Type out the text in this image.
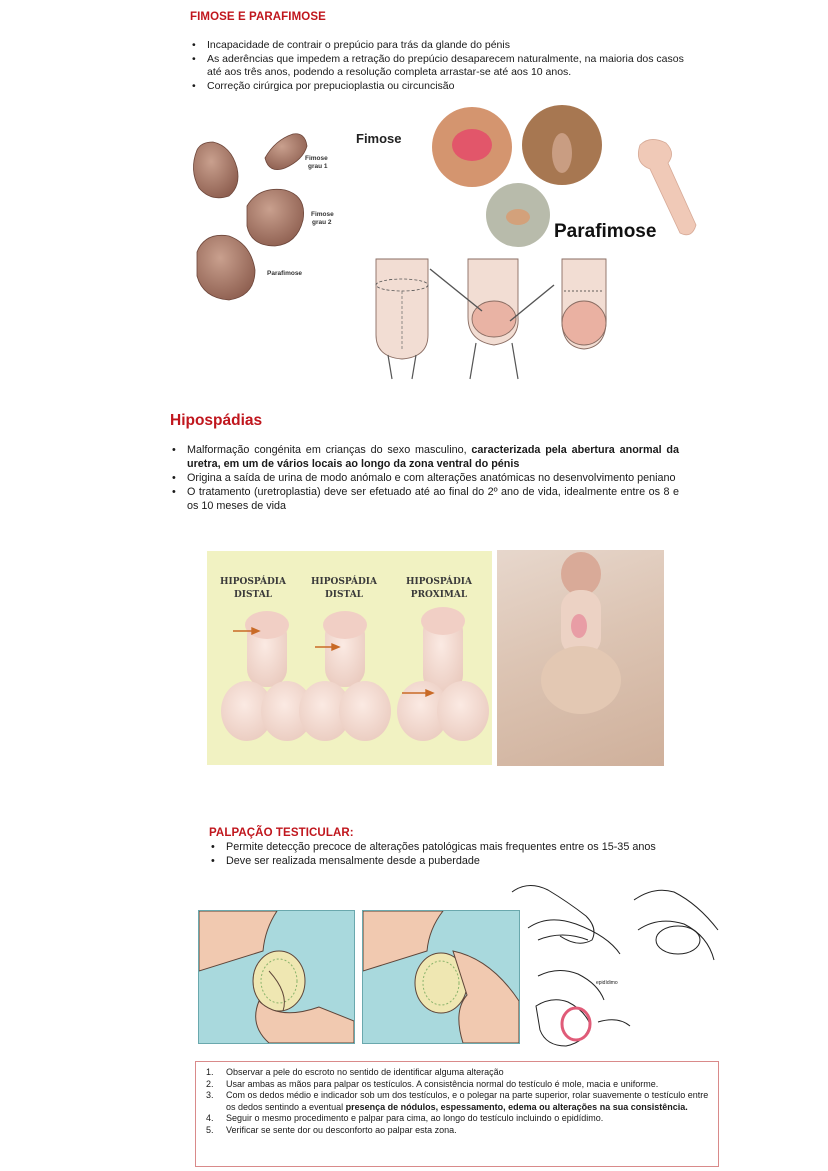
FIMOSE E PARAFIMOSE
• Incapacidade de contrair o prepúcio para trás da glande do pénis
• As aderências que impedem a retração do prepúcio desaparecem naturalmente, na maioria dos casos até aos três anos, podendo a resolução completa arrastar-se até aos 10 anos.
• Correção cirúrgica por prepucioplastia ou circuncisão
Fimose
grau 1
Fimose
grau 2
Parafimose
Fimose
Parafimose
Hipospádias
• Malformação congénita em crianças do sexo masculino, caracterizada pela abertura anormal da uretra, em um de vários locais ao longo da zona ventral do pénis
• Origina a saída de urina de modo anómalo e com alterações anatómicas no desenvolvimento peniano
• O tratamento (uretroplastia) deve ser efetuado até ao final do 2º ano de vida, idealmente entre os 8 e os 10 meses de vida
HIPOSPÁDIA
DISTAL
HIPOSPÁDIA
DISTAL
HIPOSPÁDIA
PROXIMAL
PALPAÇÃO TESTICULAR:
• Permite detecção precoce de alterações patológicas mais frequentes entre os 15-35 anos
• Deve ser realizada mensalmente desde a puberdade
epidídimo
1. Observar a pele do escroto no sentido de identificar alguma alteração
2. Usar ambas as mãos para palpar os testículos. A consistência normal do testículo é mole, macia e uniforme.
3. Com os dedos médio e indicador sob um dos testículos, e o polegar na parte superior, rolar suavemente o testículo entre os dedos sentindo a eventual presença de nódulos, espessamento, edema ou alterações na sua consistência.
4. Seguir o mesmo procedimento e palpar para cima, ao longo do testículo incluindo o epidídimo.
5. Verificar se sente dor ou desconforto ao palpar esta zona.
